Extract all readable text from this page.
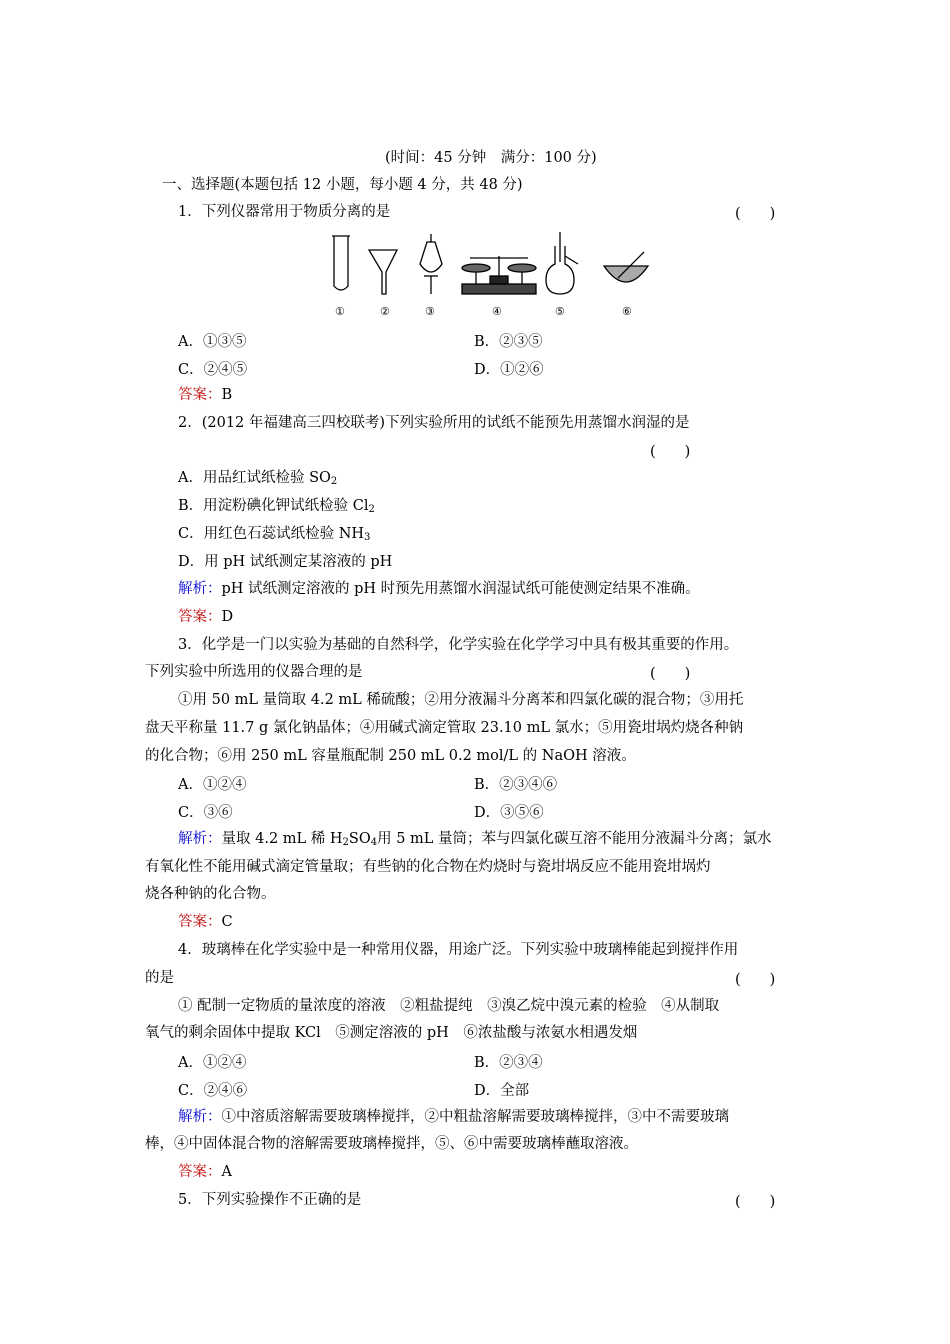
(时间：45 分钟　满分：100 分)
一、选择题(本题包括 12 小题，每小题 4 分，共 48 分)
1．下列仪器常用于物质分离的是	(　　)
①	②	③	④	⑤	⑥
A．①③⑤	B．②③⑤
C．②④⑤	D．①②⑥
答案：B
2．(2012 年福建高三四校联考)下列实验所用的试纸不能预先用蒸馏水润湿的是
(　　)
A．用品红试纸检验 $SO_2$
B．用淀粉碘化钾试纸检验 $Cl_2$
C．用红色石蕊试纸检验 $NH_3$
D．用 pH 试纸测定某溶液的 pH
解析：pH 试纸测定溶液的 pH 时预先用蒸馏水润湿试纸可能使测定结果不准确。
答案：D
3．化学是一门以实验为基础的自然科学，化学实验在化学学习中具有极其重要的作用。
下列实验中所选用的仪器合理的是	(　　)
①用 50 mL 量筒取 4.2 mL 稀硫酸；②用分液漏斗分离苯和四氯化碳的混合物；③用托
盘天平称量 11.7 g 氯化钠晶体；④用碱式滴定管取 23.10 mL 氯水；⑤用瓷坩埚灼烧各种钠
的化合物；⑥用 250 mL 容量瓶配制 250 mL 0.2 mol/L 的 NaOH 溶液。
A．①②④	B．②③④⑥
C．③⑥	D．③⑤⑥
解析：量取 4.2 mL 稀 $H_2SO_4$用 5 mL 量筒；苯与四氯化碳互溶不能用分液漏斗分离；氯水
有氧化性不能用碱式滴定管量取；有些钠的化合物在灼烧时与瓷坩埚反应不能用瓷坩埚灼
烧各种钠的化合物。
答案：C
4．玻璃棒在化学实验中是一种常用仪器，用途广泛。下列实验中玻璃棒能起到搅拌作用
的是	(　　)
① 配制一定物质的量浓度的溶液　②粗盐提纯　③溴乙烷中溴元素的检验　④从制取
氧气的剩余固体中提取 KCl　⑤测定溶液的 pH　⑥浓盐酸与浓氨水相遇发烟
A．①②④	B．②③④
C．②④⑥	D．全部
解析：①中溶质溶解需要玻璃棒搅拌，②中粗盐溶解需要玻璃棒搅拌，③中不需要玻璃
棒，④中固体混合物的溶解需要玻璃棒搅拌，⑤、⑥中需要玻璃棒蘸取溶液。
答案：A
5．下列实验操作不正确的是	(　　)
